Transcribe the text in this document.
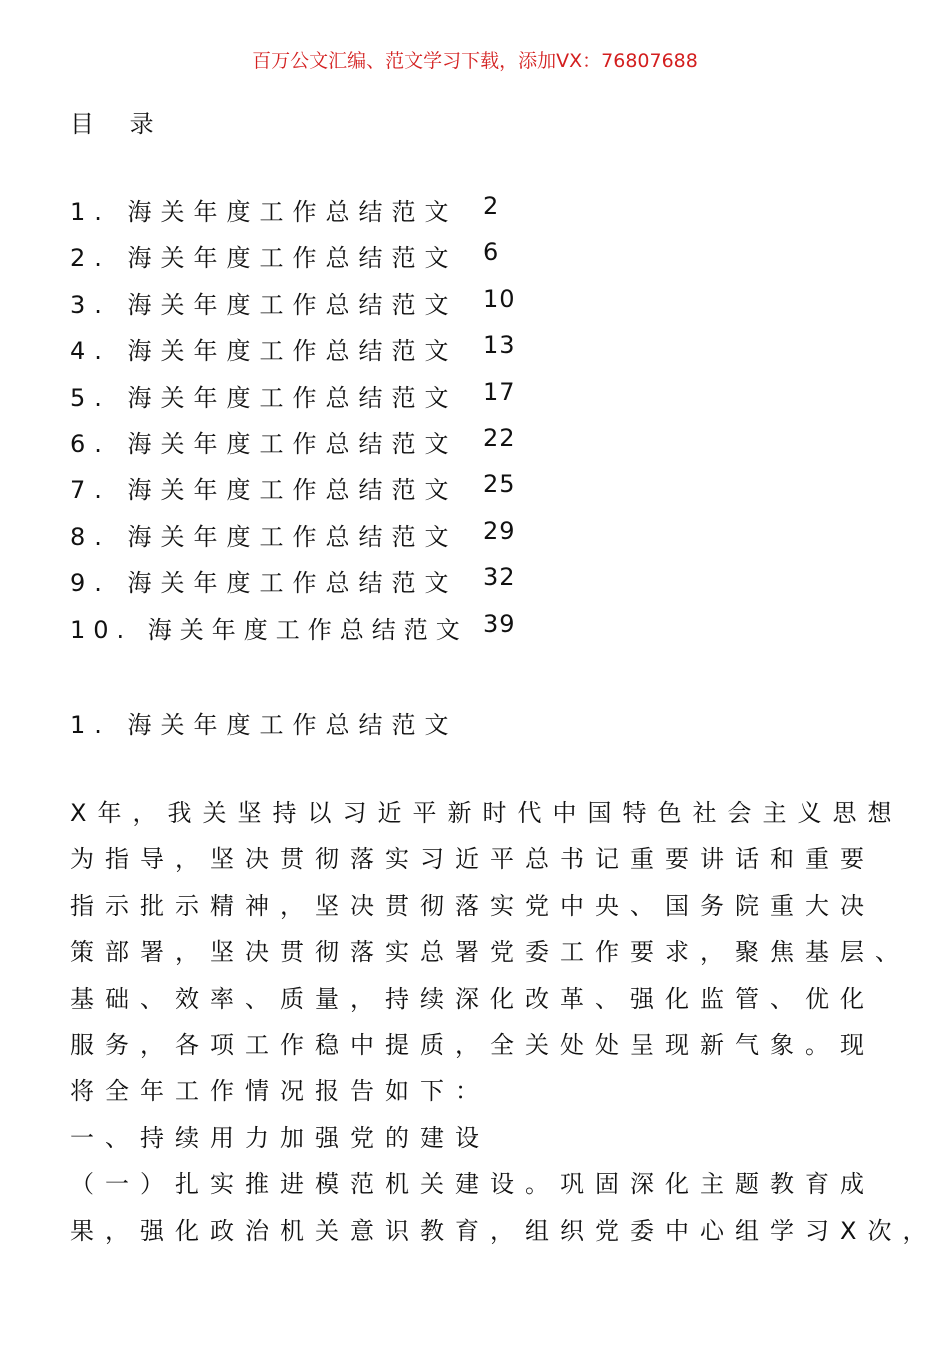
百万公文汇编、范文学习下载，添加VX：76807688
目 录
1. 海关年度工作总结范文 2
2. 海关年度工作总结范文 6
3. 海关年度工作总结范文 10
4. 海关年度工作总结范文 13
5. 海关年度工作总结范文 17
6. 海关年度工作总结范文 22
7. 海关年度工作总结范文 25
8. 海关年度工作总结范文 29
9. 海关年度工作总结范文 32
10. 海关年度工作总结范文 39
1. 海关年度工作总结范文
X年，我关坚持以习近平新时代中国特色社会主义思想
为指导，坚决贯彻落实习近平总书记重要讲话和重要
指示批示精神，坚决贯彻落实党中央、国务院重大决
策部署，坚决贯彻落实总署党委工作要求，聚焦基层、
基础、效率、质量，持续深化改革、强化监管、优化
服务，各项工作稳中提质，全关处处呈现新气象。现
将全年工作情况报告如下：
一、持续用力加强党的建设
（一）扎实推进模范机关建设。巩固深化主题教育成
果，强化政治机关意识教育，组织党委中心组学习X次，
